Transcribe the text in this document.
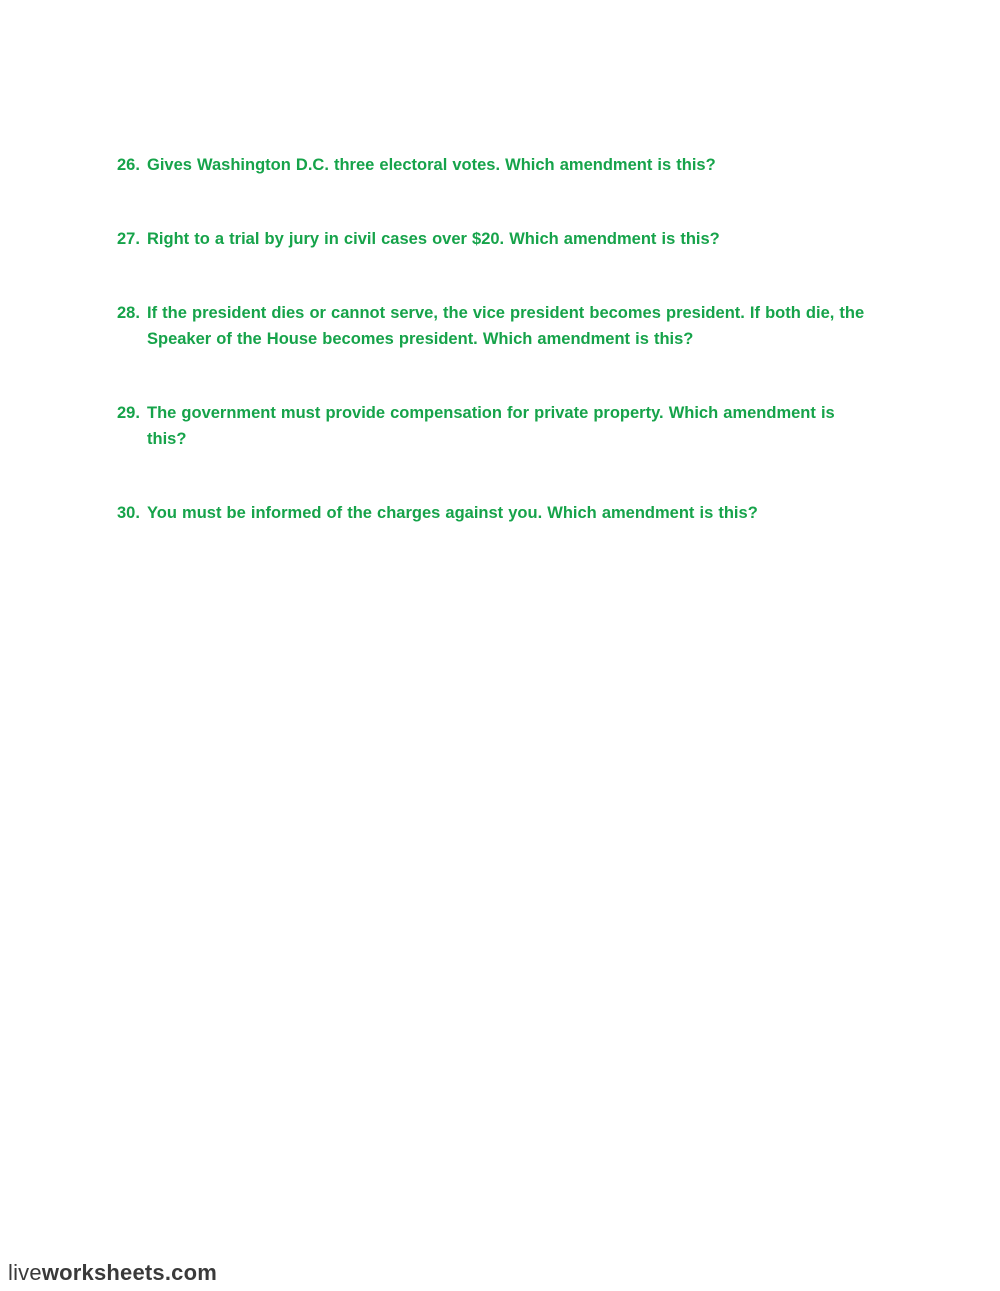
26. Gives Washington D.C. three electoral votes. Which amendment is this?
27. Right to a trial by jury in civil cases over $20. Which amendment is this?
28. If the president dies or cannot serve, the vice president becomes president. If both die, the Speaker of the House becomes president. Which amendment is this?
29. The government must provide compensation for private property. Which amendment is this?
30. You must be informed of the charges against you. Which amendment is this?
liveworksheets.com
